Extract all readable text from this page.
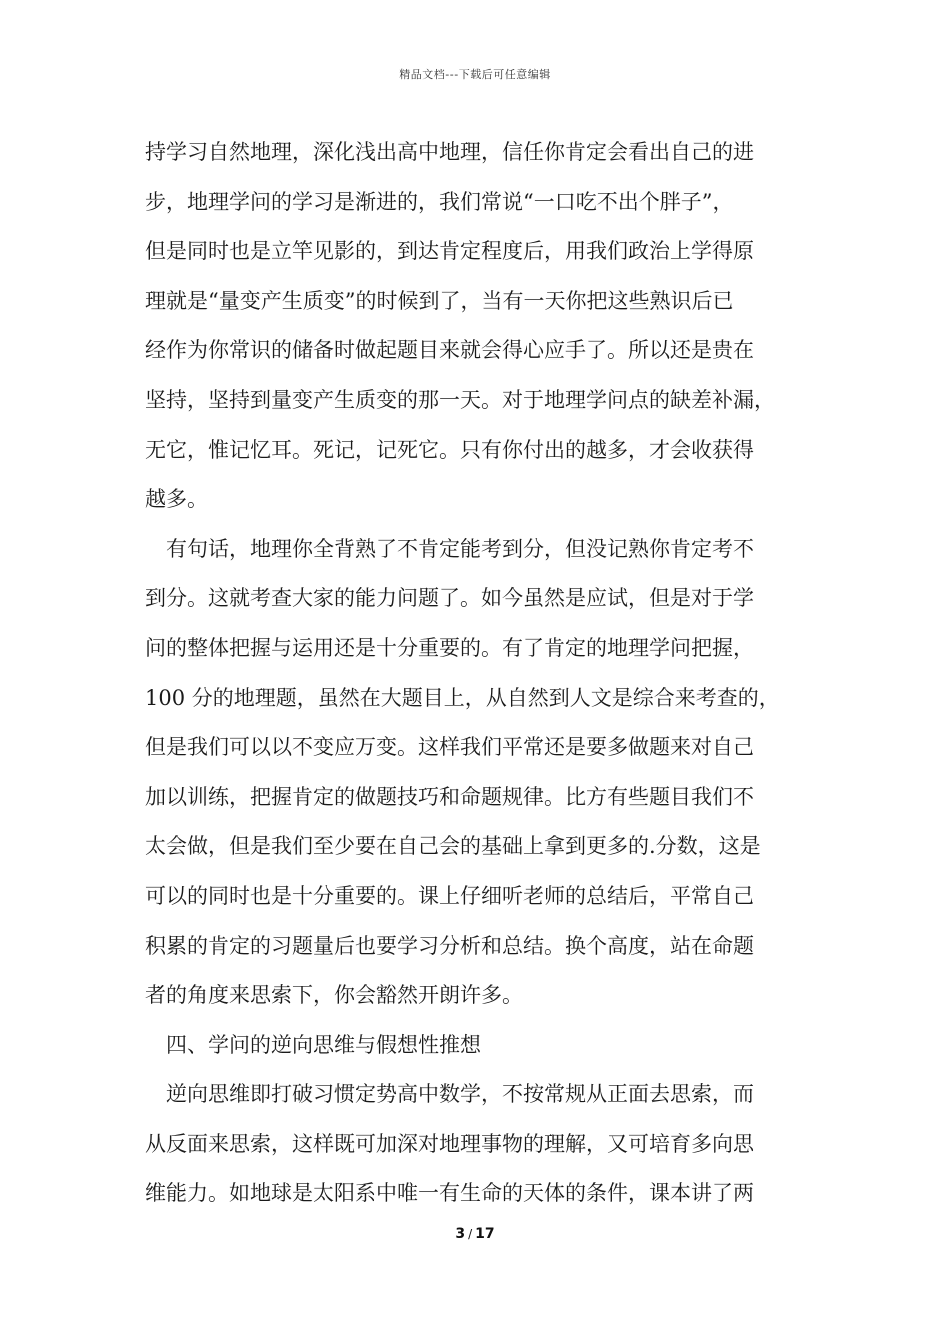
精品文档---下载后可任意编辑
持学习自然地理，深化浅出高中地理，信任你肯定会看出自己的进
步，地理学问的学习是渐进的，我们常说“一口吃不出个胖子”，
但是同时也是立竿见影的，到达肯定程度后，用我们政治上学得原
理就是“量变产生质变”的时候到了，当有一天你把这些熟识后已
经作为你常识的储备时做起题目来就会得心应手了。所以还是贵在
坚持，坚持到量变产生质变的那一天。对于地理学问点的缺差补漏，
无它，惟记忆耳。死记，记死它。只有你付出的越多，才会收获得
越多。
有句话，地理你全背熟了不肯定能考到分，但没记熟你肯定考不
到分。这就考查大家的能力问题了。如今虽然是应试，但是对于学
问的整体把握与运用还是十分重要的。有了肯定的地理学问把握，
100 分的地理题，虽然在大题目上，从自然到人文是综合来考查的，
但是我们可以以不变应万变。这样我们平常还是要多做题来对自己
加以训练，把握肯定的做题技巧和命题规律。比方有些题目我们不
太会做，但是我们至少要在自己会的基础上拿到更多的.分数，这是
可以的同时也是十分重要的。课上仔细听老师的总结后，平常自己
积累的肯定的习题量后也要学习分析和总结。换个高度，站在命题
者的角度来思索下，你会豁然开朗许多。
四、学问的逆向思维与假想性推想
逆向思维即打破习惯定势高中数学，不按常规从正面去思索，而
从反面来思索，这样既可加深对地理事物的理解，又可培育多向思
维能力。如地球是太阳系中唯一有生命的天体的条件，课本讲了两
3 / 17
